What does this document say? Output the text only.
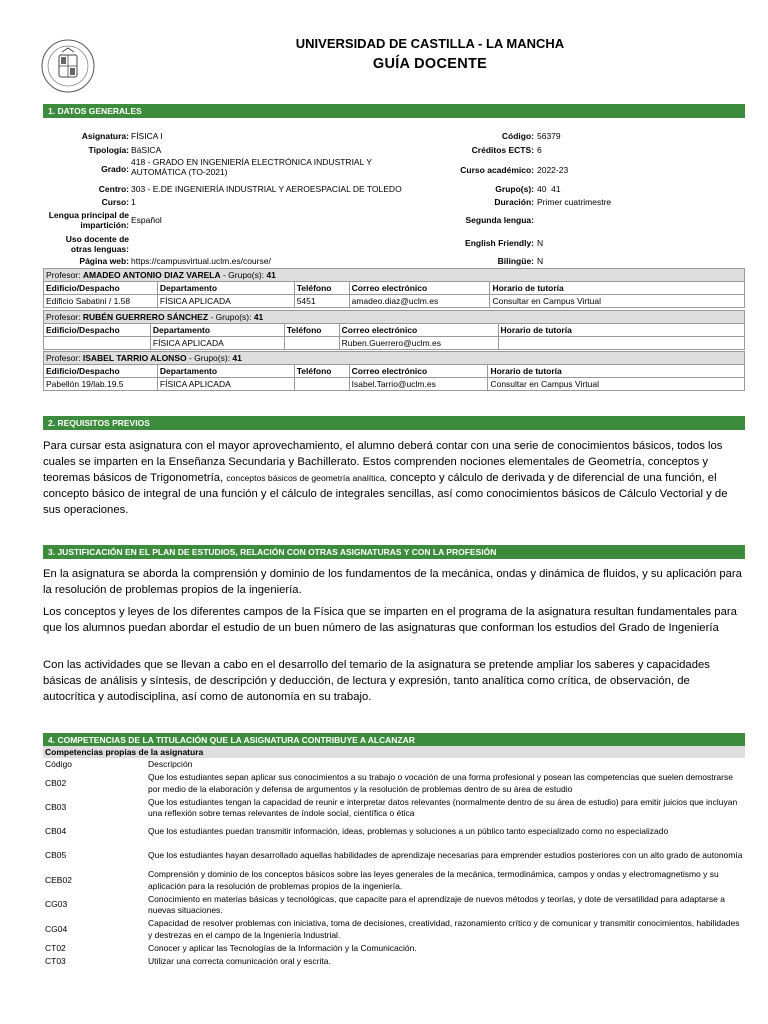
UNIVERSIDAD DE CASTILLA - LA MANCHA
GUÍA DOCENTE
1. DATOS GENERALES
Asignatura: FÍSICA I
Tipología: BáSICA
Grado:
418 - GRADO EN INGENIERÍA ELECTRÓNICA INDUSTRIAL Y AUTOMÁTICA (TO-2021)
Centro: 303 - E.DE INGENIERÍA INDUSTRIAL Y AEROESPACIAL DE TOLEDO
Curso: 1
Lengua principal de impartición: Español
Uso docente de otras lenguas:
Página web: https://campusvirtual.uclm.es/course/
Código: 56379
Créditos ECTS: 6
Curso académico: 2022-23
Grupo(s): 40  41
Duración: Primer cuatrimestre
Segunda lengua:
English Friendly: N
Bilingüe: N
Profesor: AMADEO ANTONIO DIAZ VARELA - Grupo(s): 41				
Edificio/Despacho	Departamento	Teléfono	Correo electrónico	Horario de tutoría
Edificio Sabatini / 1.58	FÍSICA APLICADA	5451	amadeo.diaz@uclm.es	Consultar en Campus Virtual
Profesor: RUBÉN GUERRERO SÁNCHEZ - Grupo(s): 41				
Edificio/Despacho	Departamento	Teléfono	Correo electrónico	Horario de tutoría
	FÍSICA APLICADA		Ruben.Guerrero@uclm.es	
Profesor: ISABEL TARRIO ALONSO - Grupo(s): 41				
Edificio/Despacho	Departamento	Teléfono	Correo electrónico	Horario de tutoría
Pabellón 19/lab.19.5	FÍSICA APLICADA		Isabel.Tarrio@uclm.es	Consultar en Campus Virtual
2. REQUISITOS PREVIOS
Para cursar esta asignatura con el mayor aprovechamiento, el alumno deberá contar con una serie de conocimientos básicos, todos los cuales se imparten en la Enseñanza Secundaria y Bachillerato. Estos comprenden nociones elementales de Geometría, conceptos y teoremas básicos de Trigonometría, conceptos básicos de geometría analítica, concepto y cálculo de derivada y de diferencial de una función, el concepto básico de integral de una función y el cálculo de integrales sencillas, así como conocimientos básicos de Cálculo Vectorial y de sus operaciones.
3. JUSTIFICACIÓN EN EL PLAN DE ESTUDIOS, RELACIÓN CON OTRAS ASIGNATURAS Y CON LA PROFESIÓN
En la asignatura se aborda la comprensión y dominio de los fundamentos de la mecánica, ondas y dinámica de fluidos, y su aplicación para la resolución de problemas propios de la ingeniería.
Los conceptos y leyes de los diferentes campos de la Física que se imparten en el programa de la asignatura resultan fundamentales para que los alumnos puedan abordar el estudio de un buen número de las asignaturas que conforman los estudios del Grado de Ingeniería
Con las actividades que se llevan a cabo en el desarrollo del temario de la asignatura se pretende ampliar los saberes y capacidades básicas de análisis y síntesis, de descripción y deducción, de lectura y expresión, tanto analítica como crítica, de observación, de autocrítica y autodisciplina, así como de autonomía en su trabajo.
4. COMPETENCIAS DE LA TITULACIÓN QUE LA ASIGNATURA CONTRIBUYE A ALCANZAR
Competencias propias de la asignatura
Código	Descripción
CB02	Que los estudiantes sepan aplicar sus conocimientos a su trabajo o vocación de una forma profesional y posean las competencias que suelen demostrarse por medio de la elaboración y defensa de argumentos y la resolución de problemas dentro de su área de estudio
CB03	Que los estudiantes tengan la capacidad de reunir e interpretar datos relevantes (normalmente dentro de su área de estudio) para emitir juicios que incluyan una reflexión sobre temas relevantes de índole social, científica o ética
CB04	Que los estudiantes puedan transmitir información, ideas, problemas y soluciones a un público tanto especializado como no especializado
CB05	Que los estudiantes hayan desarrollado aquellas habilidades de aprendizaje necesarias para emprender estudios posteriores con un alto grado de autonomía
CEB02	Comprensión y dominio de los conceptos básicos sobre las leyes generales de la mecánica, termodinámica, campos y ondas y electromagnetismo y su aplicación para la resolución de problemas propios de la ingeniería.
CG03	Conocimiento en materias básicas y tecnológicas, que capacite para el aprendizaje de nuevos métodos y teorías, y dote de versatilidad para adaptarse a nuevas situaciones.
CG04	Capacidad de resolver problemas con iniciativa, toma de decisiones, creatividad, razonamiento crítico y de comunicar y transmitir conocimientos, habilidades y destrezas en el campo de la Ingeniería Industrial.
CT02	Conocer y aplicar las Tecnologías de la Información y la Comunicación.
CT03	Utilizar una correcta comunicación oral y escrita.
